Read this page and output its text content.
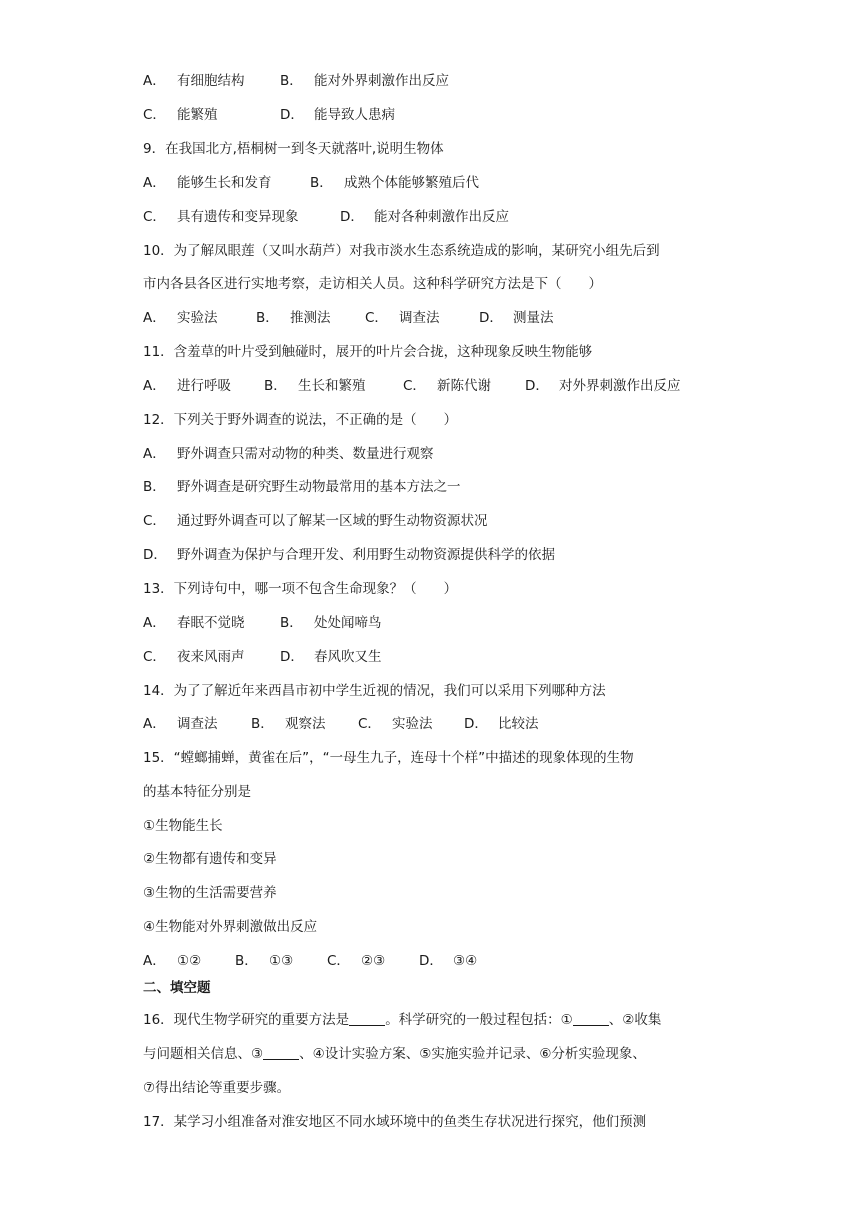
A． 有细胞结构	B． 能对外界刺激作出反应
C． 能繁殖	D． 能导致人患病
9．在我国北方,梧桐树一到冬天就落叶,说明生物体
A． 能够生长和发育	B． 成熟个体能够繁殖后代
C． 具有遗传和变异现象	D． 能对各种刺激作出反应
10．为了解凤眼莲（又叫水葫芦）对我市淡水生态系统造成的影响，某研究小组先后到
市内各县各区进行实地考察，走访相关人员。这种科学研究方法是下（　　）
A． 实验法	B． 推测法	C． 调查法	D． 测量法
11．含羞草的叶片受到触碰时，展开的叶片会合拢，这种现象反映生物能够
A． 进行呼吸 B． 生长和繁殖	C． 新陈代谢	D． 对外界刺激作出反应
12．下列关于野外调查的说法，不正确的是（　　）
A． 野外调查只需对动物的种类、数量进行观察
B． 野外调查是研究野生动物最常用的基本方法之一
C． 通过野外调查可以了解某一区域的野生动物资源状况
D． 野外调查为保护与合理开发、利用野生动物资源提供科学的依据
13．下列诗句中，哪一项不包含生命现象？（　　）
A． 春眠不觉晓	B． 处处闻啼鸟
C． 夜来风雨声	D． 春风吹又生
14．为了了解近年来西昌市初中学生近视的情况，我们可以采用下列哪种方法
A． 调查法 B． 观察法 C． 实验法 D． 比较法
15．“螳螂捕蝉，黄雀在后”，“一母生九子，连母十个样”中描述的现象体现的生物
的基本特征分别是
①生物能生长
②生物都有遗传和变异
③生物的生活需要营养
④生物能对外界刺激做出反应
A． ①②	B． ①③	C． ②③	D． ③④
二、填空题
16．现代生物学研究的重要方法是	。科学研究的一般过程包括：①	、②收集
与问题相关信息、③	、④设计实验方案、⑤实施实验并记录、⑥分析实验现象、
⑦得出结论等重要步骤。
17．某学习小组准备对淮安地区不同水域环境中的鱼类生存状况进行探究，他们预测
